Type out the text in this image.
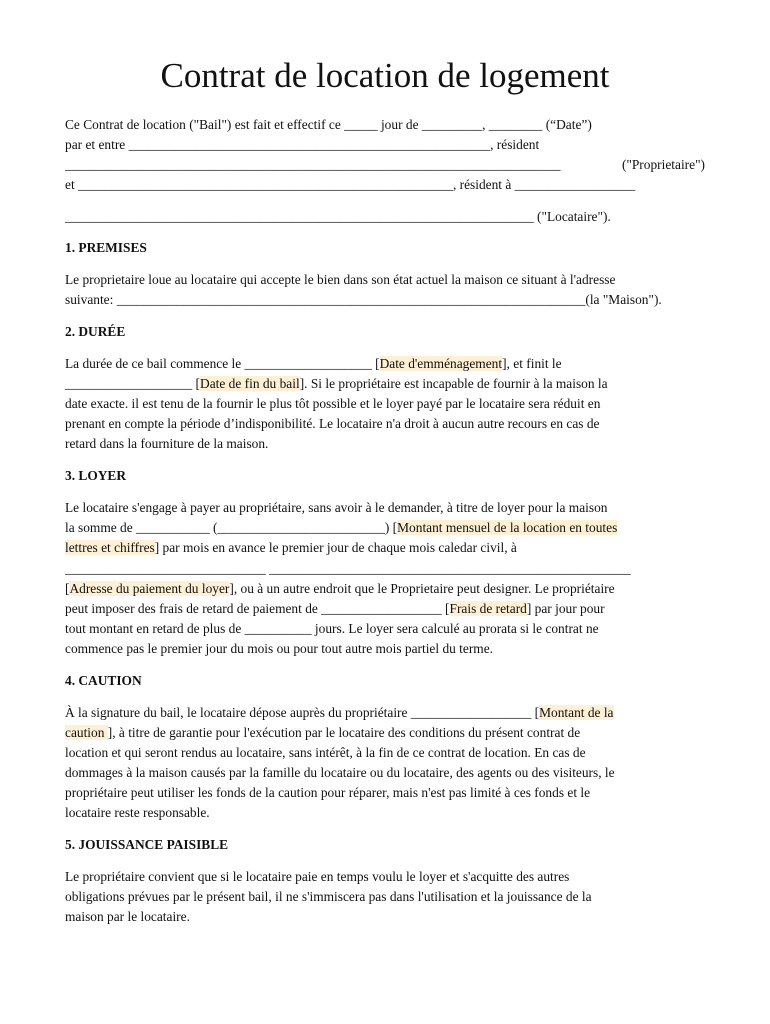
Contrat de location de logement
Ce Contrat de location ("Bail") est fait et effectif ce _____ jour de _________, ________ (“Date”)
par et entre ______________________________________________________, résident
__________________________________________________________________________	("Proprietaire")
et ________________________________________________________, résident à __________________
______________________________________________________________________ ("Locataire").
1. PREMISES
Le proprietaire loue au locataire qui accepte le bien dans son état actuel la maison ce situant à l'adresse
suivante: ______________________________________________________________________(la "Maison").
2. DURÉE
La durée de ce bail commence le ___________________ [Date d'emménagement], et finit le
___________________ [Date de fin du bail]. Si le propriétaire est incapable de fournir à la maison la
date exacte. il est tenu de la fournir le plus tôt possible et le loyer payé par le locataire sera réduit en
prenant en compte la période d’indisponibilité. Le locataire n'a droit à aucun autre recours en cas de
retard dans la fourniture de la maison.
3. LOYER
Le locataire s'engage à payer au propriétaire, sans avoir à le demander, à titre de loyer pour la maison
la somme de ___________ (_________________________) [Montant mensuel de la location en toutes
lettres et chiffres] par mois en avance le premier jour de chaque mois caledar civil, à
______________________________ ______________________________________________________
[Adresse du paiement du loyer], ou à un autre endroit que le Proprietaire peut designer. Le propriétaire
peut imposer des frais de retard de paiement de __________________ [Frais de retard] par jour pour
tout montant en retard de plus de __________ jours. Le loyer sera calculé au prorata si le contrat ne
commence pas le premier jour du mois ou pour tout autre mois partiel du terme.
4. CAUTION
À la signature du bail, le locataire dépose auprès du propriétaire __________________ [Montant de la
caution ], à titre de garantie pour l'exécution par le locataire des conditions du présent contrat de
location et qui seront rendus au locataire, sans intérêt, à la fin de ce contrat de location. En cas de
dommages à la maison causés par la famille du locataire ou du locataire, des agents ou des visiteurs, le
propriétaire peut utiliser les fonds de la caution pour réparer, mais n'est pas limité à ces fonds et le
locataire reste responsable.
5. JOUISSANCE PAISIBLE
Le propriétaire convient que si le locataire paie en temps voulu le loyer et s'acquitte des autres
obligations prévues par le présent bail, il ne s'immiscera pas dans l'utilisation et la jouissance de la
maison par le locataire.
